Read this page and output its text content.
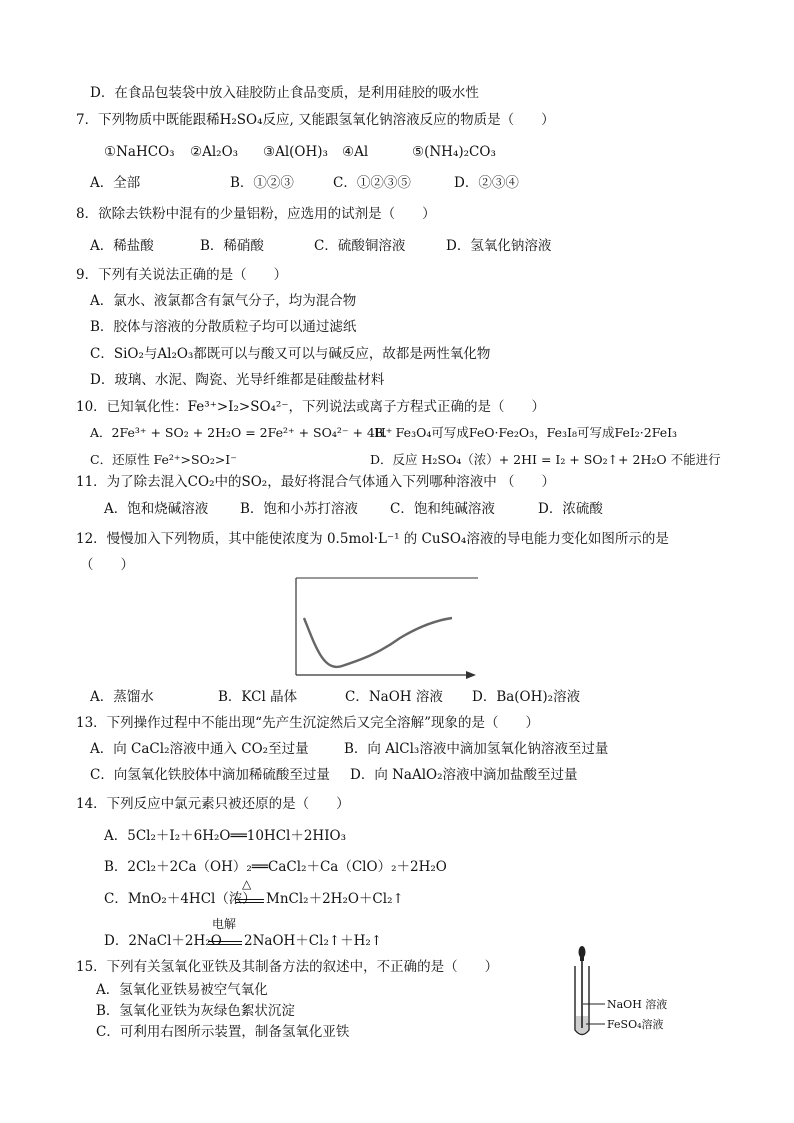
D．在食品包装袋中放入硅胶防止食品变质，是利用硅胶的吸水性
7．下列物质中既能跟稀H₂SO₄反应, 又能跟氢氧化钠溶液反应的物质是（　　）
①NaHCO₃ ②Al₂O₃ ③Al(OH)₃ ④Al	⑤(NH₄)₂CO₃
A．全部	B．①②③	C．①②③⑤	D．②③④
8．欲除去铁粉中混有的少量铝粉，应选用的试剂是（　　）
A．稀盐酸	B．稀硝酸	C．硫酸铜溶液	D．氢氧化钠溶液
9．下列有关说法正确的是（　　）
A．氯水、液氯都含有氯气分子，均为混合物
B．胶体与溶液的分散质粒子均可以通过滤纸
C．SiO₂与Al₂O₃都既可以与酸又可以与碱反应，故都是两性氧化物
D．玻璃、水泥、陶瓷、光导纤维都是硅酸盐材料
10．已知氧化性：Fe³⁺>I₂>SO₄²⁻，下列说法或离子方程式正确的是（　　）
A．2Fe³⁺ + SO₂ + 2H₂O = 2Fe²⁺ + SO₄²⁻ + 4H⁺
B．Fe₃O₄可写成FeO·Fe₂O₃，Fe₃I₈可写成FeI₂·2FeI₃
C．还原性 Fe²⁺>SO₂>I⁻	D．反应 H₂SO₄（浓）+ 2HI = I₂ + SO₂↑+ 2H₂O 不能进行
11．为了除去混入CO₂中的SO₂，最好将混合气体通入下列哪种溶液中 （　　）
A．饱和烧碱溶液 B．饱和小苏打溶液 C．饱和纯碱溶液	D．浓硫酸
12．慢慢加入下列物质，其中能使浓度为 0.5mol·L⁻¹ 的 CuSO₄溶液的导电能力变化如图所示的是
（　　）
A．蒸馏水	B．KCl 晶体	C．NaOH 溶液 D．Ba(OH)₂溶液
13．下列操作过程中不能出现“先产生沉淀然后又完全溶解”现象的是（　　）
A．向 CaCl₂溶液中通入 CO₂至过量	B．向 AlCl₃溶液中滴加氢氧化钠溶液至过量
C．向氢氧化铁胶体中滴加稀硫酸至过量 D．向 NaAlO₂溶液中滴加盐酸至过量
14．下列反应中氯元素只被还原的是（　　）
A．5Cl₂＋I₂＋6H₂O══10HCl＋2HIO₃
B．2Cl₂＋2Ca（OH）₂══CaCl₂＋Ca（ClO）₂＋2H₂O
C．MnO₂＋4HCl（浓）
△
MnCl₂＋2H₂O＋Cl₂↑
D．2NaCl＋2H₂O
电解
2NaOH＋Cl₂↑＋H₂↑
15．下列有关氢氧化亚铁及其制备方法的叙述中，不正确的是（　　）
A．氢氧化亚铁易被空气氧化
B．氢氧化亚铁为灰绿色絮状沉淀
C．可利用右图所示装置，制备氢氧化亚铁
NaOH 溶液
FeSO₄溶液
